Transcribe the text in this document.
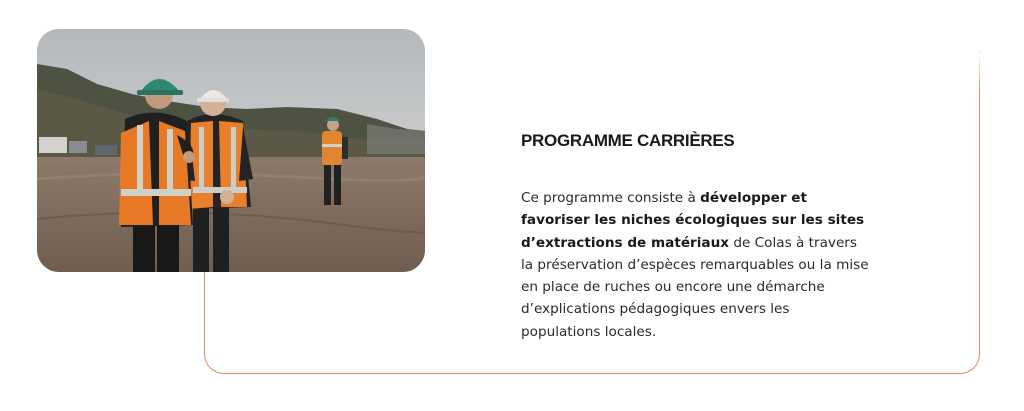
PROGRAMME CARRIÈRES
Ce programme consiste à développer et favoriser les niches écologiques sur les sites d’extractions de matériaux de Colas à travers la préservation d’espèces remarquables ou la mise en place de ruches ou encore une démarche d’explications pédagogiques envers les populations locales.
